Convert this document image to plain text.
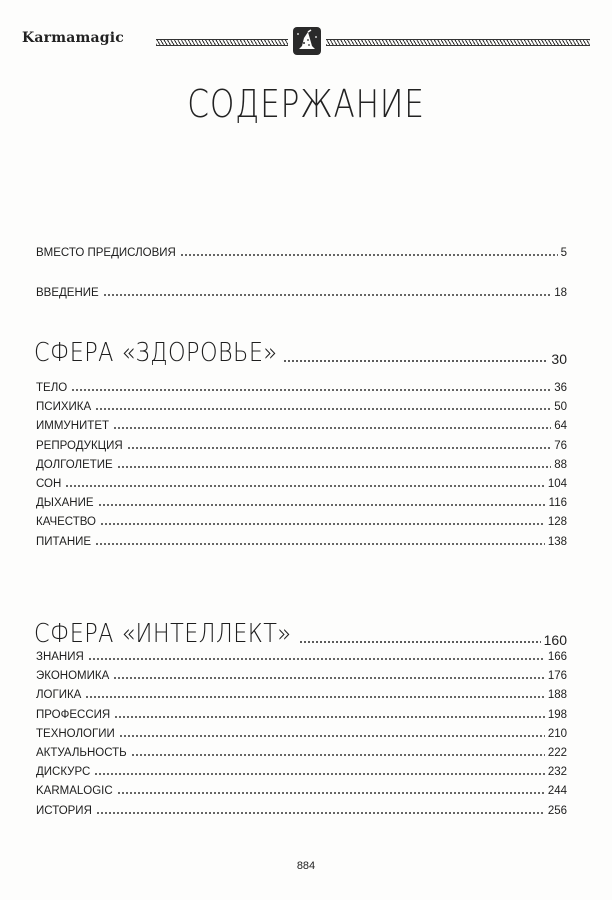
Karmamagic
СОДЕРЖАНИЕ
ВМЕСТО ПРЕДИСЛОВИЯ	5
ВВЕДЕНИЕ	18
СФЕРА «ЗДОРОВЬЕ»	30
ТЕЛО	36
ПСИХИКА	50
ИММУНИТЕТ	64
РЕПРОДУКЦИЯ	76
ДОЛГОЛЕТИЕ	88
СОН	104
ДЫХАНИЕ	116
КАЧЕСТВО	128
ПИТАНИЕ	138
СФЕРА «ИНТЕЛЛЕКТ»	160
ЗНАНИЯ	166
ЭКОНОМИКА	176
ЛОГИКА	188
ПРОФЕССИЯ	198
ТЕХНОЛОГИИ	210
АКТУАЛЬНОСТЬ	222
ДИСКУРС	232
KARMALOGIC	244
ИСТОРИЯ	256
884
